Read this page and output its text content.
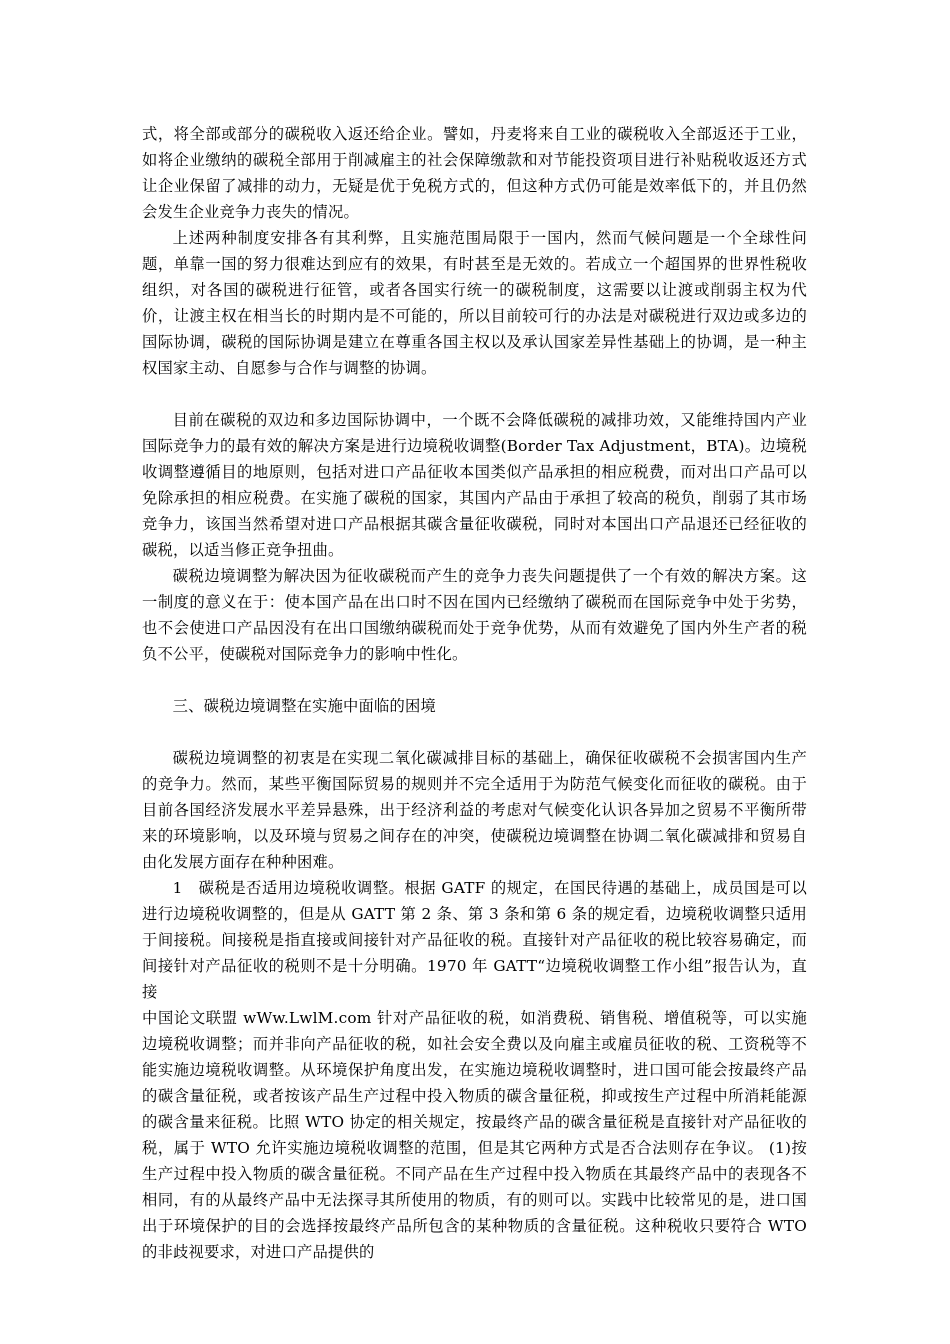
式，将全部或部分的碳税收入返还给企业。譬如，丹麦将来自工业的碳税收入全部返还于工业，如将企业缴纳的碳税全部用于削减雇主的社会保障缴款和对节能投资项目进行补贴税收返还方式让企业保留了减排的动力，无疑是优于免税方式的，但这种方式仍可能是效率低下的，并且仍然会发生企业竞争力丧失的情况。

上述两种制度安排各有其利弊，且实施范围局限于一国内，然而气候问题是一个全球性问题，单靠一国的努力很难达到应有的效果，有时甚至是无效的。若成立一个超国界的世界性税收组织，对各国的碳税进行征管，或者各国实行统一的碳税制度，这需要以让渡或削弱主权为代价，让渡主权在相当长的时期内是不可能的，所以目前较可行的办法是对碳税进行双边或多边的国际协调，碳税的国际协调是建立在尊重各国主权以及承认国家差异性基础上的协调，是一种主权国家主动、自愿参与合作与调整的协调。

目前在碳税的双边和多边国际协调中，一个既不会降低碳税的减排功效，又能维持国内产业国际竞争力的最有效的解决方案是进行边境税收调整(Border Tax Adjustment，BTA)。边境税收调整遵循目的地原则，包括对进口产品征收本国类似产品承担的相应税费，而对出口产品可以免除承担的相应税费。在实施了碳税的国家，其国内产品由于承担了较高的税负，削弱了其市场竞争力，该国当然希望对进口产品根据其碳含量征收碳税，同时对本国出口产品退还已经征收的碳税，以适当修正竞争扭曲。

碳税边境调整为解决因为征收碳税而产生的竞争力丧失问题提供了一个有效的解决方案。这一制度的意义在于：使本国产品在出口时不因在国内已经缴纳了碳税而在国际竞争中处于劣势，也不会使进口产品因没有在出口国缴纳碳税而处于竞争优势，从而有效避免了国内外生产者的税负不公平，使碳税对国际竞争力的影响中性化。

三、碳税边境调整在实施中面临的困境

碳税边境调整的初衷是在实现二氧化碳减排目标的基础上，确保征收碳税不会损害国内生产的竞争力。然而，某些平衡国际贸易的规则并不完全适用于为防范气候变化而征收的碳税。由于目前各国经济发展水平差异悬殊，出于经济利益的考虑对气候变化认识各异加之贸易不平衡所带来的环境影响，以及环境与贸易之间存在的冲突，使碳税边境调整在协调二氧化碳减排和贸易自由化发展方面存在种种困难。

1　碳税是否适用边境税收调整。根据 GATF 的规定，在国民待遇的基础上，成员国是可以进行边境税收调整的，但是从 GATT 第 2 条、第 3 条和第 6 条的规定看，边境税收调整只适用于间接税。间接税是指直接或间接针对产品征收的税。直接针对产品征收的税比较容易确定，而间接针对产品征收的税则不是十分明确。1970 年 GATT“边境税收调整工作小组”报告认为，直接

中国论文联盟 wWw.LwlM.com 针对产品征收的税，如消费税、销售税、增值税等，可以实施边境税收调整；而并非向产品征收的税，如社会安全费以及向雇主或雇员征收的税、工资税等不能实施边境税收调整。从环境保护角度出发，在实施边境税收调整时，进口国可能会按最终产品的碳含量征税，或者按该产品生产过程中投入物质的碳含量征税，抑或按生产过程中所消耗能源的碳含量来征税。比照 WTO 协定的相关规定，按最终产品的碳含量征税是直接针对产品征收的税，属于 WTO 允许实施边境税收调整的范围，但是其它两种方式是否合法则存在争议。 (1)按生产过程中投入物质的碳含量征税。不同产品在生产过程中投入物质在其最终产品中的表现各不相同，有的从最终产品中无法探寻其所使用的物质，有的则可以。实践中比较常见的是，进口国出于环境保护的目的会选择按最终产品所包含的某种物质的含量征税。这种税收只要符合 WTO 的非歧视要求，对进口产品提供的
